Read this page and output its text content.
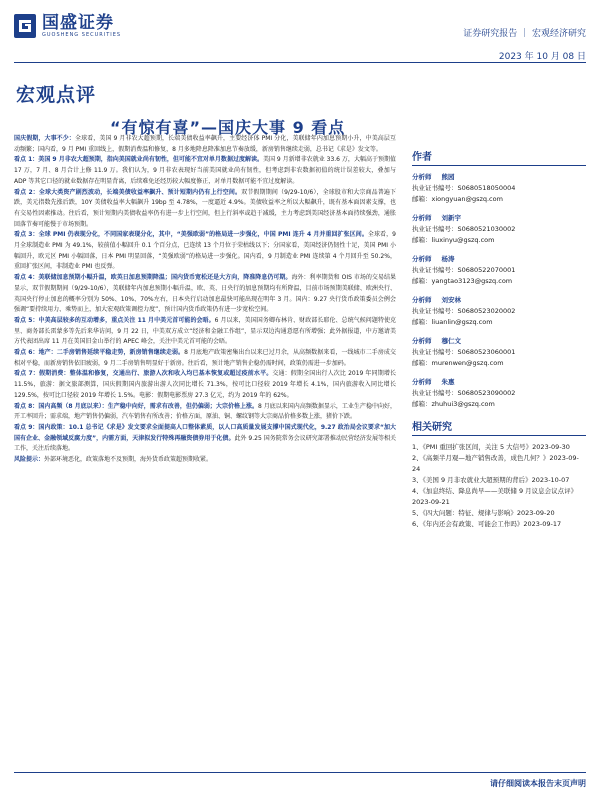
国盛证券
GUOSHENG SECURITIES	证券研究报告 ｜ 宏观经济研究
2023 年 10 月 08 日
宏观点评
“有惊有喜”—国庆大事 9 看点

国庆假期，大事不少：全球看，美国 9 月非农大超预期，长端美债收益率飙升，主要经济体 PMI 分化，美联储年内加息预期小升，中美高层互动频繁；国内看，9 月 PMI 重回线上，假期消费温和修复，8 月多地降息降准加息节奏放缓，新房销售继续走弱，总书记《求是》发文等。

看点 1：美国 9 月非农大超预期，指向美国就业尚有韧性，但可能不宜对单月数据过度解读。美国 9 月新增非农就业 33.6 万，大幅高于预期值 17 万，7 月、8 月合计上修 11.9 万。我们认为，9 月非农表现好当前美国就业尚有韧性，但考虑到非农数据初值的统计误差较大，叠加与 ADP 等其它口径的就业数据存在明显背离，后续难免还经历较大幅度修正，对单月数据可能不宜过度解读。

看点 2：全球大类资产剧烈波动，长端美债收益率飙升、预计短期内仍有上行空间。双节假期期间（9/29-10/6），全球股市和大宗商品普遍下跌，美元指数先涨后跌，10Y 美债收益率大幅飙升 19bp 至 4.78%，一度逼近 4.9%。美债收益率之所以大幅飙升，既有基本面因素支撑，也有交易性因素推动。往后看，预计短期内美债收益率仍有进一步上行空间，但上行斜率或趋于减缓，主力考虑到美国经济基本面持续强劲，通胀回落节奏可能慢于市场预期。

看点 3：全球 PMI 仍表现分化，不同国家表现分化，其中，“美强欧弱”的格局进一步强化，中国 PMI 连升 4 月并重回扩张区间。全球看，9 月全球制造业 PMI 为 49.1%，较前值小幅回升 0.1 个百分点，已连续 13 个月位于荣枯线以下；分国家看，美国经济仍韧性十足，美国 PMI 小幅回升，欧元区 PMI 小幅回落，日本 PMI 明显回落，“美强欧弱”的格局进一步强化。国内看，9 月制造业 PMI 连续第 4 个月回升至 50.2%，重回扩张区间，非制造业 PMI 也反弹。

看点 4：美联储加息预期小幅升温，欧英日加息预期降温；国内货币宽松还是大方向，降准降息仍可期。海外：利率期货和 OIS 市场的交易结果显示，双节假期期间（9/29-10/6），美联储年内加息预期小幅升温，欧、英、日央行的加息预期均有所降温，目前市场预期美联储、欧洲央行、英国央行停止加息的概率分别为 50%、10%、70%左右，日本央行启动加息最快可能出现在明年 3 月。国内：9.27 央行货币政策委员会例会强调“要持续用力、乘势而上，加大宏观政策调控力度”，预计国内货币政策仍有进一步宽松空间。

看点 5：中美高层较多的互动增多，重点关注 11 月中美元首可能的会晤。6 月以来，美国国务卿布林肯、财政部长耶伦、总统气候问题特使克里、商务部长雷蒙多等先后来华访问，9 月 22 日，中美双方成立“经济和金融工作组”，显示双边沟通意愿有所增强；此外据报道，中方邀请美方代表团出席 11 月在美国旧金山举行的 APEC 峰会，关注中美元首可能的会晤。

看点 6：地产：二手房销售延续平稳走势，新房销售继续走弱。8 月底地产政策密集出台以来已过月余，从高频数据来看，一线城市二手房成交相对平稳，而新房销售依旧疲弱，9 月二手房销售明显好于新房。往后看，预计地产销售企稳仍需时间，政策仍需进一步加码。

看点 7：假期消费：整体温和修复，交通出行、旅游人次和收入均已基本恢复或超过疫前水平。交通：假期全国出行人次比 2019 年同期增长 11.5%，旅游：据文旅部测算，国庆假期国内旅游出游人次同比增长 71.3%，按可比口径较 2019 年增长 4.1%，国内旅游收入同比增长 129.5%，按可比口径较 2019 年增长 1.5%。电影：假期电影票房 27.3 亿元，约为 2019 年的 62%。

看点 8：国内高频（8 月底以来）：生产稳中向好，需求有改善，但仍偏弱；大宗价格上涨。8 月底以来国内高频数据显示，工业生产稳中向好，开工率回升；需求端，地产销售仍偏弱，汽车销售有所改善；价格方面，原油、铜、螺纹钢等大宗商品价格多数上涨，猪价下跌。

看点 9：国内政策：10.1 总书记《求是》发文要求全面提高人口整体素质，以人口高质量发展支撑中国式现代化，9.27 政治局会议要求“加大国有企业、金融领域反腐力度”，内需方面，天津拟发行特殊再融资债券用于化债。此外 9.25 国务院常务会议研究部署推动民营经济发展等相关工作，关注后续落地。

风险提示：外部环境恶化，政策落地不及预期，海外货币政策超预期收紧。

作者
分析师 熊园
执业证书编号：S0680518050004
邮箱：xiongyuan@gszq.com
分析师 刘新宇
执业证书编号：S0680521030002
邮箱：liuxinyu@gszq.com
分析师 杨涛
执业证书编号：S0680522070001
邮箱：yangtao3123@gszq.com
分析师 刘安林
执业证书编号：S0680523020002
邮箱：liuanlin@gszq.com
分析师 穆仁文
执业证书编号：S0680523060001
邮箱：murenwen@gszq.com
分析师 朱惠
执业证书编号：S0680523090002
邮箱：zhuhui3@gszq.com
相关研究
1、《PMI 重回扩张区间，关注 5 大信号》2023-09-30
2、《高频半月观—地产销售改善，成色几何？》2023-09-24
3、《美国 9 月非农就业大超预期的背后》2023-10-07
4、《加息终结、降息尚早——美联储 9 月议息会议点评》2023-09-21
5、《四大问题：特征、规律与影响》2023-09-20
6、《年内还会有政策、可能会工作吗》2023-09-17
请仔细阅读本报告末页声明
